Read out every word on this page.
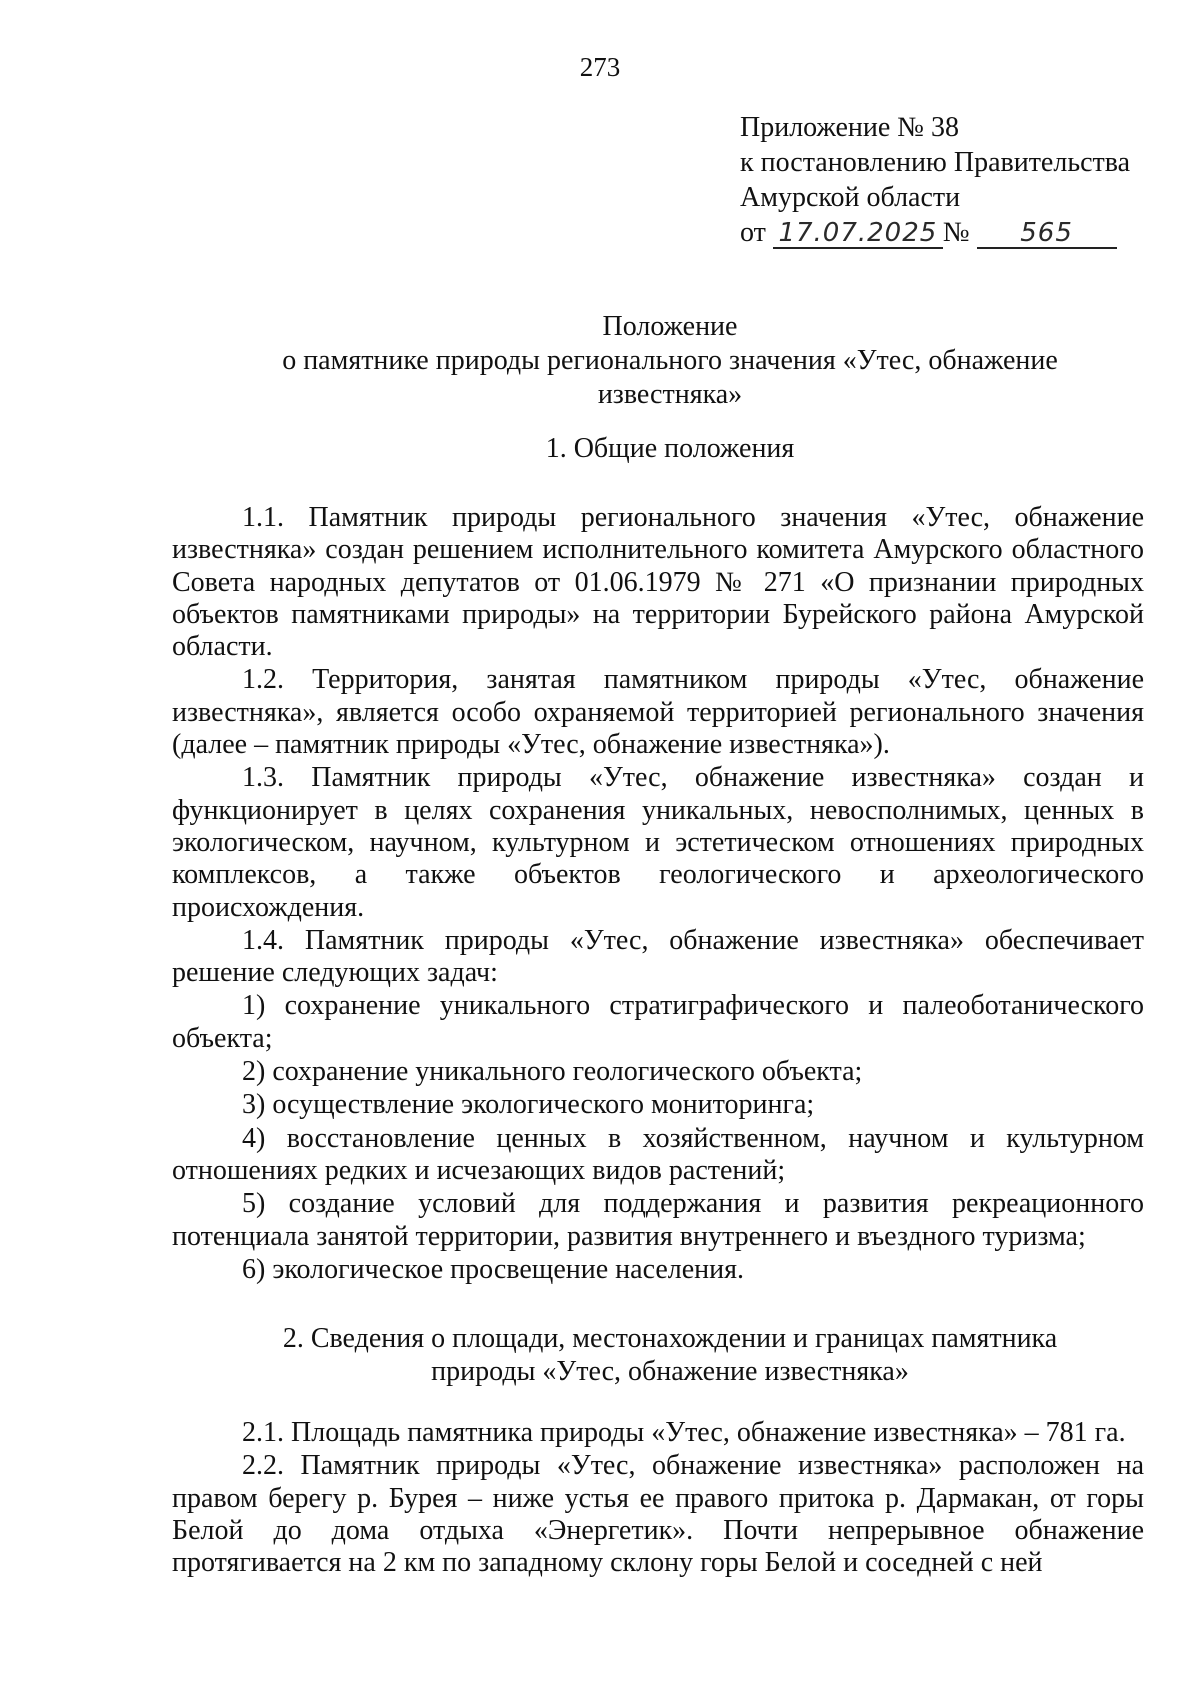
273
Приложение № 38
к постановлению Правительства
Амурской области
от 17.07.2025 № 565
Положение
о памятнике природы регионального значения «Утес, обнажение
известняка»
1. Общие положения

1.1. Памятник природы регионального значения «Утес, обнажение известняка» создан решением исполнительного комитета Амурского областного Совета народных депутатов от 01.06.1979 № 271 «О признании природных объектов памятниками природы» на территории Бурейского района Амурской области.

1.2. Территория, занятая памятником природы «Утес, обнажение известняка», является особо охраняемой территорией регионального значения (далее – памятник природы «Утес, обнажение известняка»).

1.3. Памятник природы «Утес, обнажение известняка» создан и функционирует в целях сохранения уникальных, невосполнимых, ценных в экологическом, научном, культурном и эстетическом отношениях природных комплексов, а также объектов геологического и археологического происхождения.

1.4. Памятник природы «Утес, обнажение известняка» обеспечивает решение следующих задач:

1) сохранение уникального стратиграфического и палеоботанического объекта;

2) сохранение уникального геологического объекта;

3) осуществление экологического мониторинга;

4) восстановление ценных в хозяйственном, научном и культурном отношениях редких и исчезающих видов растений;

5) создание условий для поддержания и развития рекреационного потенциала занятой территории, развития внутреннего и въездного туризма;

6) экологическое просвещение населения.

2. Сведения о площади, местонахождении и границах памятника
природы «Утес, обнажение известняка»

2.1. Площадь памятника природы «Утес, обнажение известняка» – 781 га.

2.2. Памятник природы «Утес, обнажение известняка» расположен на правом берегу р. Бурея – ниже устья ее правого притока р. Дармакан, от горы Белой до дома отдыха «Энергетик». Почти непрерывное обнажение протягивается на 2 км по западному склону горы Белой и соседней с ней
